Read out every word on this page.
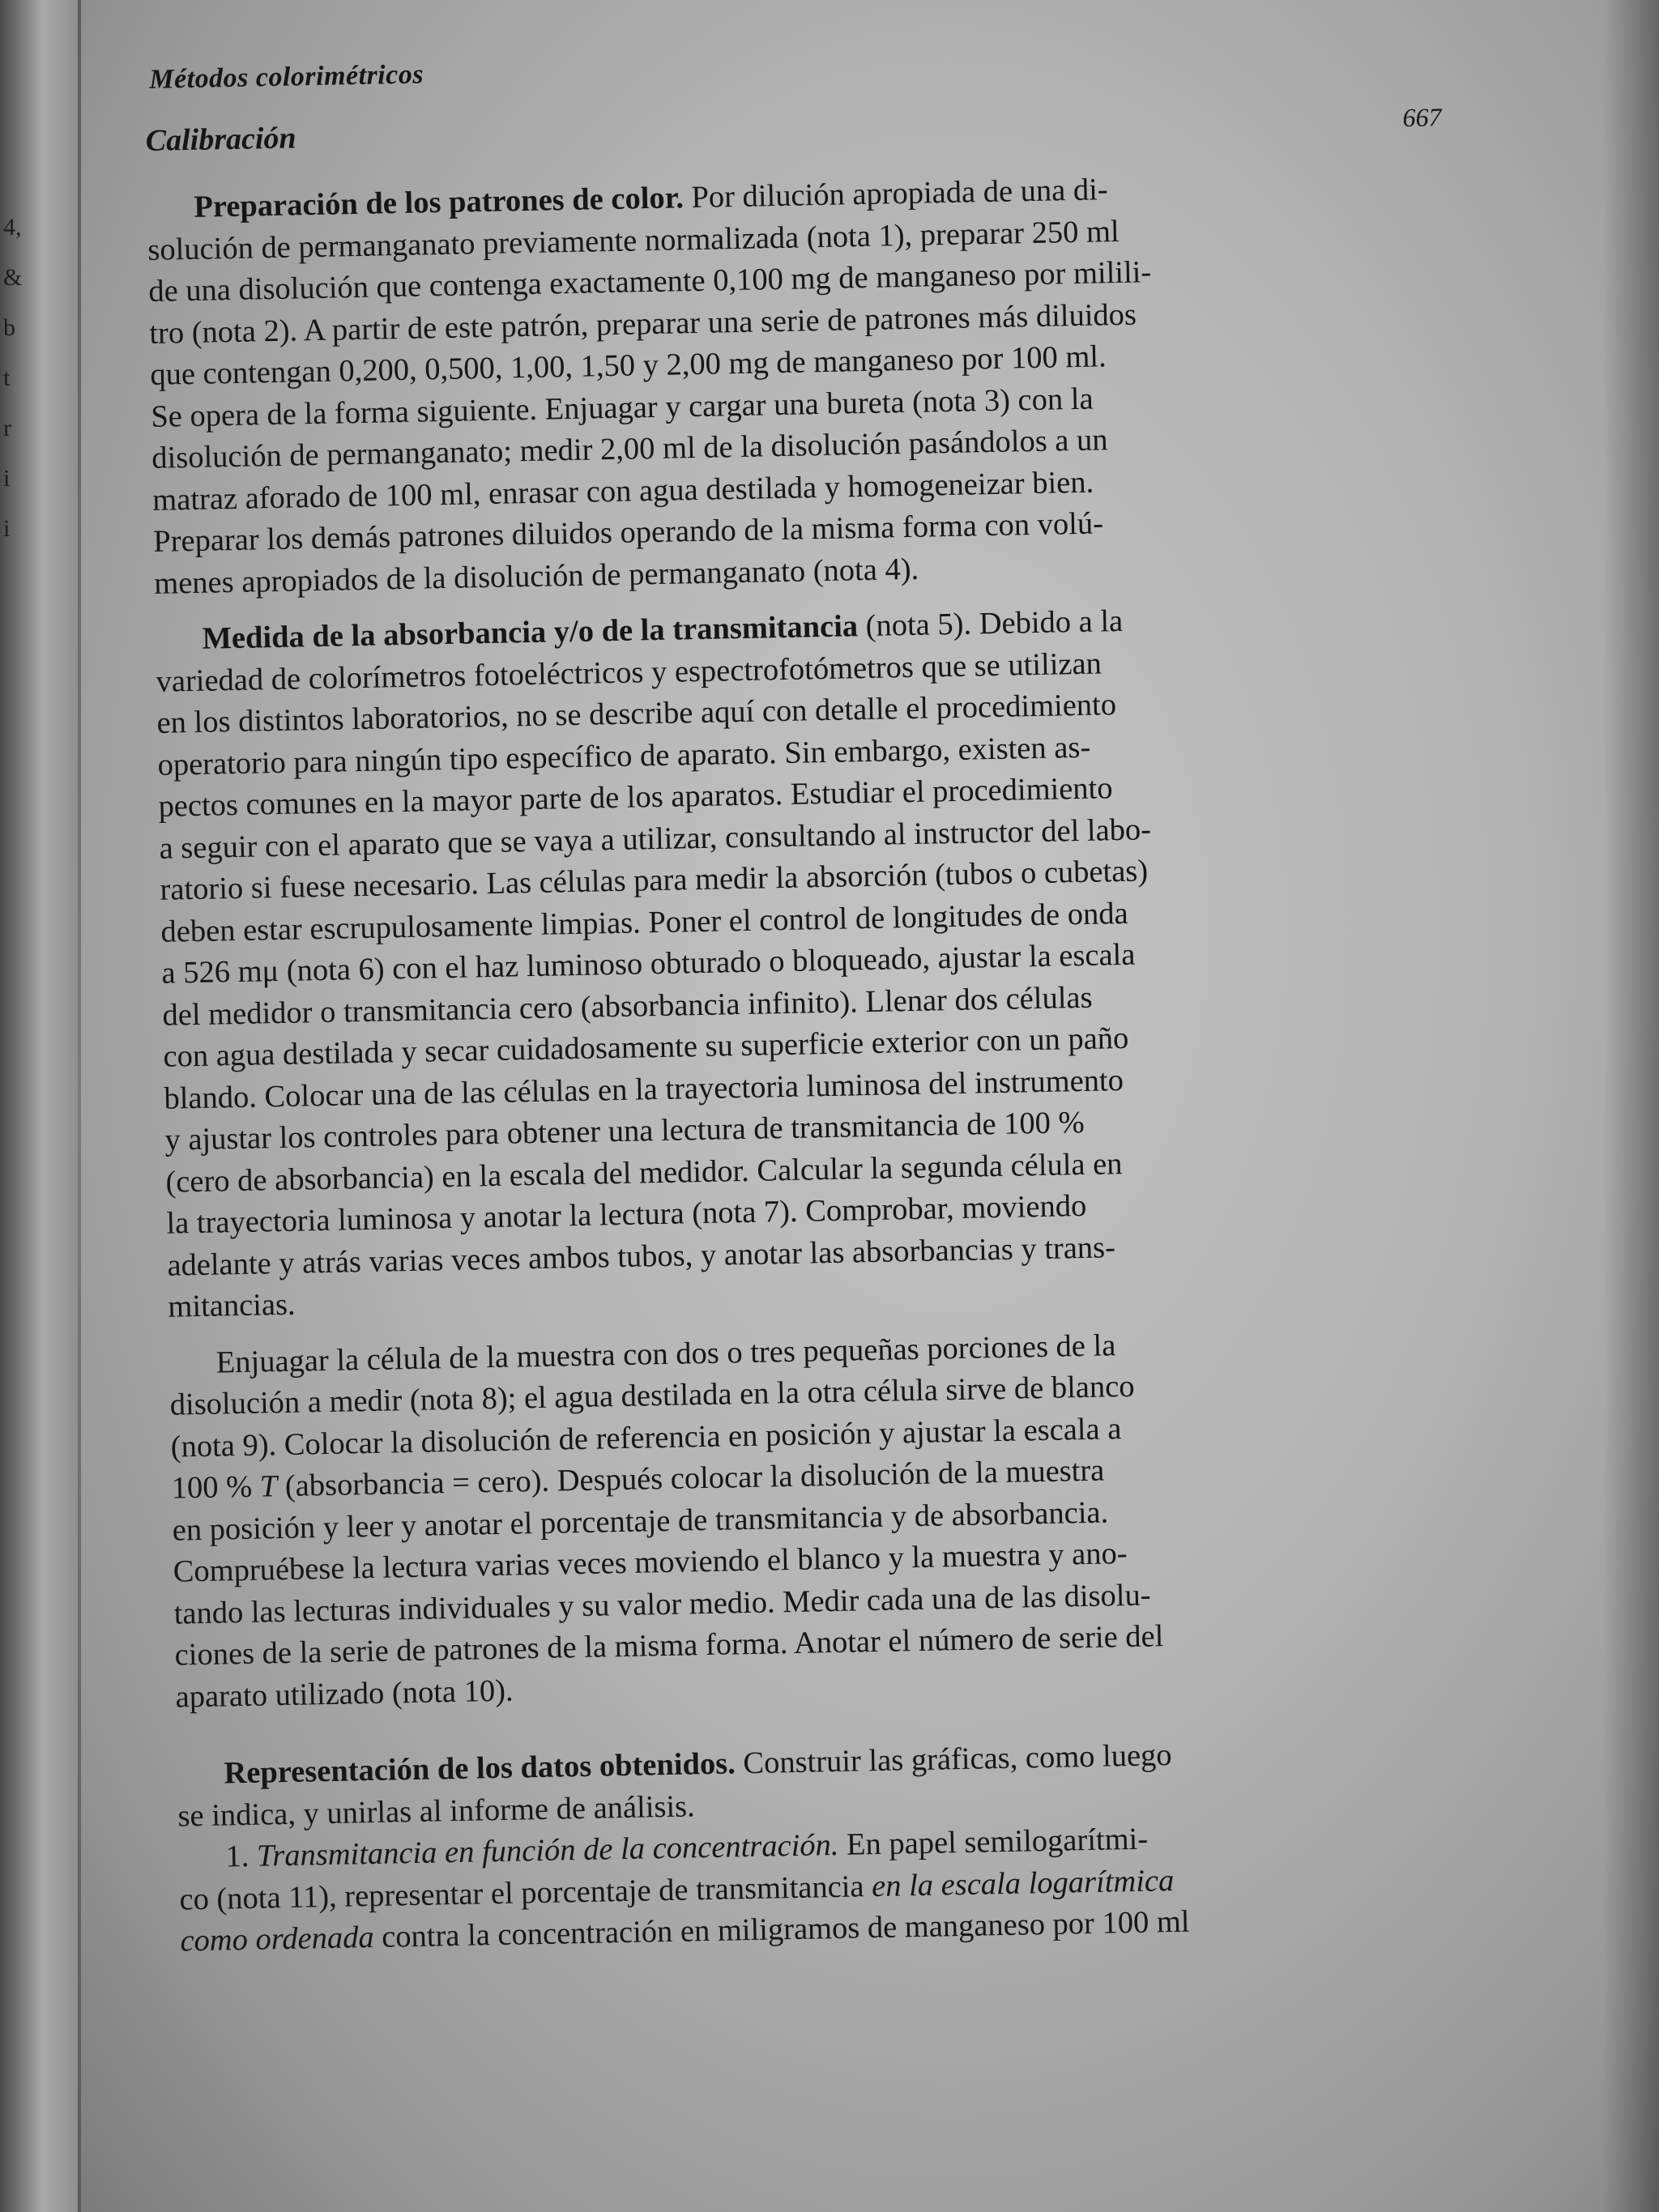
4,
&
b
t
r
i
i
Métodos colorimétricos
Calibración
667
Preparación de los patrones de color. Por dilución apropiada de una di-
solución de permanganato previamente normalizada (nota 1), preparar 250 ml
de una disolución que contenga exactamente 0,100 mg de manganeso por milili-
tro (nota 2). A partir de este patrón, preparar una serie de patrones más diluidos
que contengan 0,200, 0,500, 1,00, 1,50 y 2,00 mg de manganeso por 100 ml.
Se opera de la forma siguiente. Enjuagar y cargar una bureta (nota 3) con la
disolución de permanganato; medir 2,00 ml de la disolución pasándolos a un
matraz aforado de 100 ml, enrasar con agua destilada y homogeneizar bien.
Preparar los demás patrones diluidos operando de la misma forma con volú-
menes apropiados de la disolución de permanganato (nota 4).
Medida de la absorbancia y/o de la transmitancia (nota 5). Debido a la
variedad de colorímetros fotoeléctricos y espectrofotómetros que se utilizan
en los distintos laboratorios, no se describe aquí con detalle el procedimiento
operatorio para ningún tipo específico de aparato. Sin embargo, existen as-
pectos comunes en la mayor parte de los aparatos. Estudiar el procedimiento
a seguir con el aparato que se vaya a utilizar, consultando al instructor del labo-
ratorio si fuese necesario. Las células para medir la absorción (tubos o cubetas)
deben estar escrupulosamente limpias. Poner el control de longitudes de onda
a 526 mμ (nota 6) con el haz luminoso obturado o bloqueado, ajustar la escala
del medidor o transmitancia cero (absorbancia infinito). Llenar dos células
con agua destilada y secar cuidadosamente su superficie exterior con un paño
blando. Colocar una de las células en la trayectoria luminosa del instrumento
y ajustar los controles para obtener una lectura de transmitancia de 100 %
(cero de absorbancia) en la escala del medidor. Calcular la segunda célula en
la trayectoria luminosa y anotar la lectura (nota 7). Comprobar, moviendo
adelante y atrás varias veces ambos tubos, y anotar las absorbancias y trans-
mitancias.
Enjuagar la célula de la muestra con dos o tres pequeñas porciones de la
disolución a medir (nota 8); el agua destilada en la otra célula sirve de blanco
(nota 9). Colocar la disolución de referencia en posición y ajustar la escala a
100 % T (absorbancia = cero). Después colocar la disolución de la muestra
en posición y leer y anotar el porcentaje de transmitancia y de absorbancia.
Compruébese la lectura varias veces moviendo el blanco y la muestra y ano-
tando las lecturas individuales y su valor medio. Medir cada una de las disolu-
ciones de la serie de patrones de la misma forma. Anotar el número de serie del
aparato utilizado (nota 10).
Representación de los datos obtenidos. Construir las gráficas, como luego
se indica, y unirlas al informe de análisis.
1. Transmitancia en función de la concentración. En papel semilogarítmi-
co (nota 11), representar el porcentaje de transmitancia en la escala logarítmica
como ordenada contra la concentración en miligramos de manganeso por 100 ml
